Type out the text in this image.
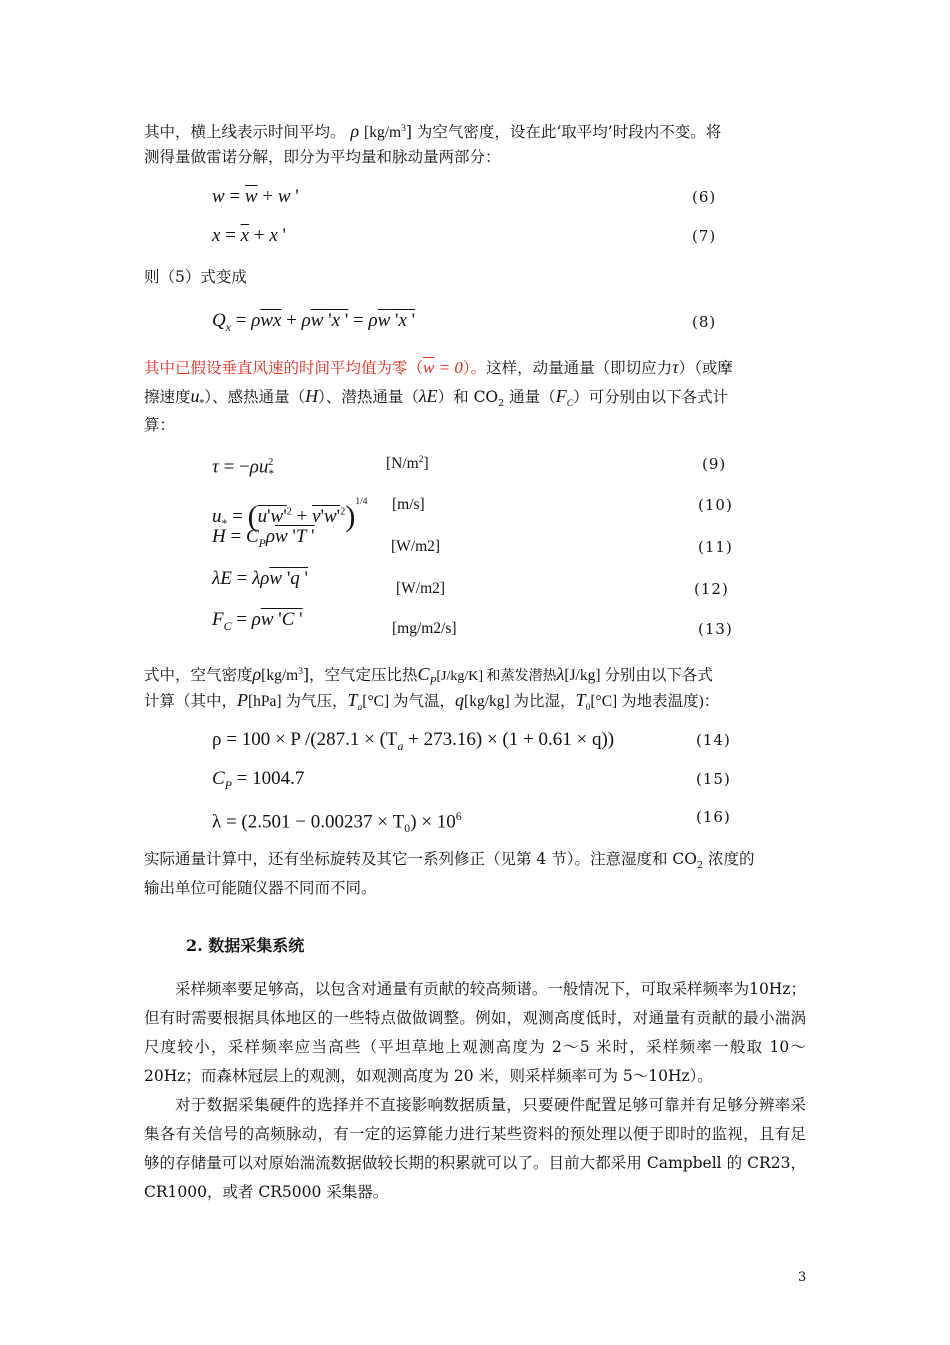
其中，横上线表示时间平均。 ρ $[kg/m^3]$ 为空气密度，设在此‘取平均’时段内不变。将
测得量做雷诺分解，即分为平均量和脉动量两部分：
$w = \overline{w} + w$ '	(6)
$x = \overline{x} + x$ '	(7)
则（5）式变成
$Q_x = \rho\overline{wx} + \rho w$ 'x ' = ρw 'x '	(8)
其中已假设垂直风速的时间平均值为零$(\overline{w} = 0)$。这样，动量通量（即切应力τ）（或摩
擦速度$u_*$）、感热通量（H）、潜热通量（λE）和 $CO_2$ 通量$(F_C)$可分别由以下各式计
算：
$\tau = -\rho u_*^2$	$[N/m^2]$	(9)
$u_* = (u'w'^2 + v'w'^2)^{1/4}$ [m/s]	(10)
$H = C_P\rho w$ 'T '	[W/m2]	(11)
λE = λρw 'q '	[W/m2]	(12)
$F_C = \rho w$ 'C '	[mg/m2/s]	(13)
式中，空气密度$\rho[kg/m^3]$，空气定压比热$C_P[J/kg/K]$ 和蒸发潜热λ[J/kg] 分别由以下各式
计算（其中，P[hPa] 为气压，$T_a[^\circ C]$ 为气温，q[kg/kg] 为比湿，$T_0[^\circ C]$ 为地表温度)：
ρ = 100 × P $/(287.1 \times (T_a + 273.16) \times (1 + 0.61 \times q))$	(14)
$C_P = 1004.7$	(15)
$\lambda = (2.501 - 0.00237 \times T_0) \times 10^6$	(16)
实际通量计算中，还有坐标旋转及其它一系列修正（见第 4 节）。注意湿度和 $CO_2$ 浓度的
输出单位可能随仪器不同而不同。
2. 数据采集系统
采样频率要足够高，以包含对通量有贡献的较高频谱。一般情况下，可取采样频率为10Hz；但有时需要根据具体地区的一些特点做做调整。例如，观测高度低时，对通量有贡献的最小湍涡尺度较小，采样频率应当高些（平坦草地上观测高度为 2～5 米时，采样频率一般取 10～20Hz；而森林冠层上的观测，如观测高度为 20 米，则采样频率可为 5～10Hz）。
对于数据采集硬件的选择并不直接影响数据质量，只要硬件配置足够可靠并有足够分辨率采集各有关信号的高频脉动，有一定的运算能力进行某些资料的预处理以便于即时的监视，且有足够的存储量可以对原始湍流数据做较长期的积累就可以了。目前大都采用 Campbell 的 CR23， CR1000，或者 CR5000 采集器。
3
